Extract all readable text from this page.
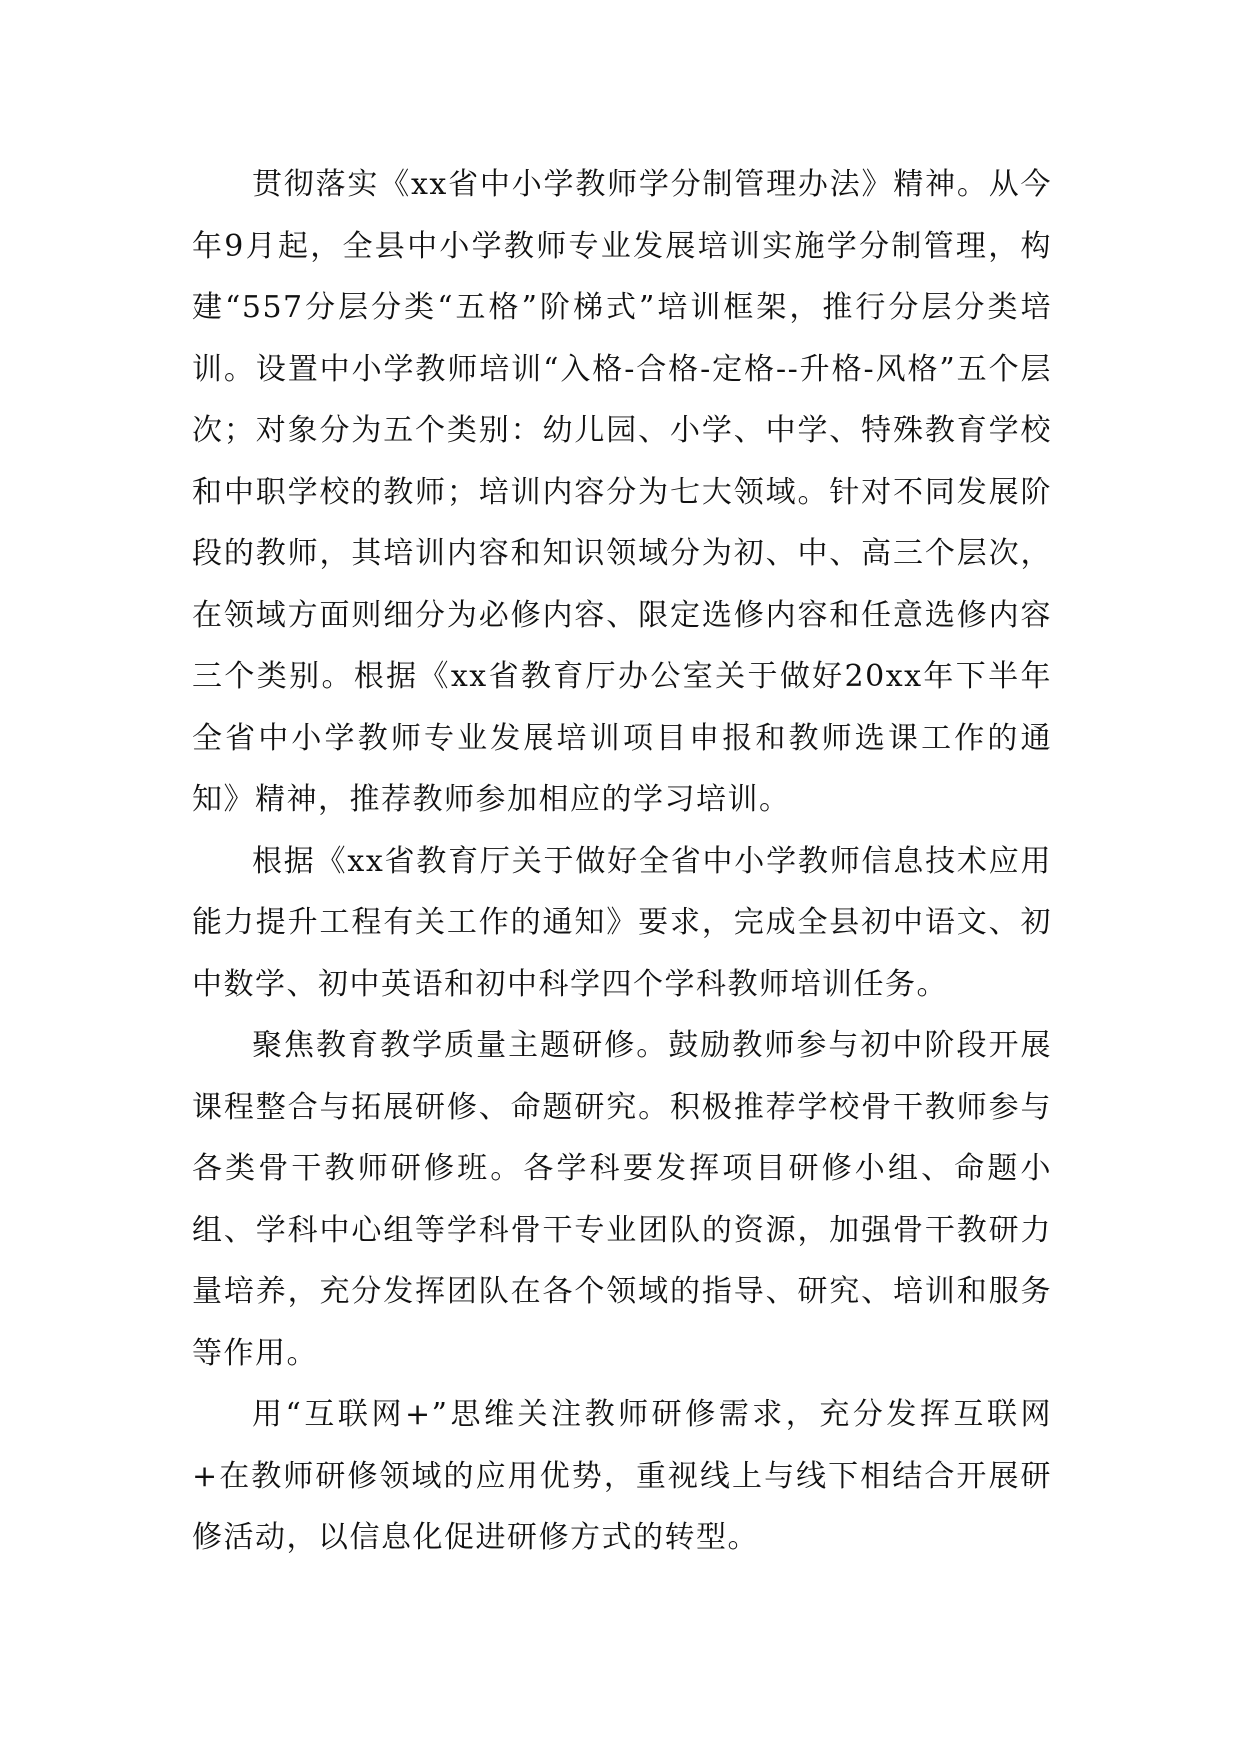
贯彻落实《xx省中小学教师学分制管理办法》精神。从今年9月起，全县中小学教师专业发展培训实施学分制管理，构建“557分层分类“五格”阶梯式”培训框架，推行分层分类培训。设置中小学教师培训“入格-合格-定格--升格-风格”五个层次；对象分为五个类别：幼儿园、小学、中学、特殊教育学校和中职学校的教师；培训内容分为七大领域。针对不同发展阶段的教师，其培训内容和知识领域分为初、中、高三个层次，在领域方面则细分为必修内容、限定选修内容和任意选修内容三个类别。根据《xx省教育厅办公室关于做好20xx年下半年全省中小学教师专业发展培训项目申报和教师选课工作的通知》精神，推荐教师参加相应的学习培训。

根据《xx省教育厅关于做好全省中小学教师信息技术应用能力提升工程有关工作的通知》要求，完成全县初中语文、初中数学、初中英语和初中科学四个学科教师培训任务。

聚焦教育教学质量主题研修。鼓励教师参与初中阶段开展课程整合与拓展研修、命题研究。积极推荐学校骨干教师参与各类骨干教师研修班。各学科要发挥项目研修小组、命题小组、学科中心组等学科骨干专业团队的资源，加强骨干教研力量培养，充分发挥团队在各个领域的指导、研究、培训和服务等作用。

用“互联网+”思维关注教师研修需求，充分发挥互联网+在教师研修领域的应用优势，重视线上与线下相结合开展研修活动，以信息化促进研修方式的转型。
